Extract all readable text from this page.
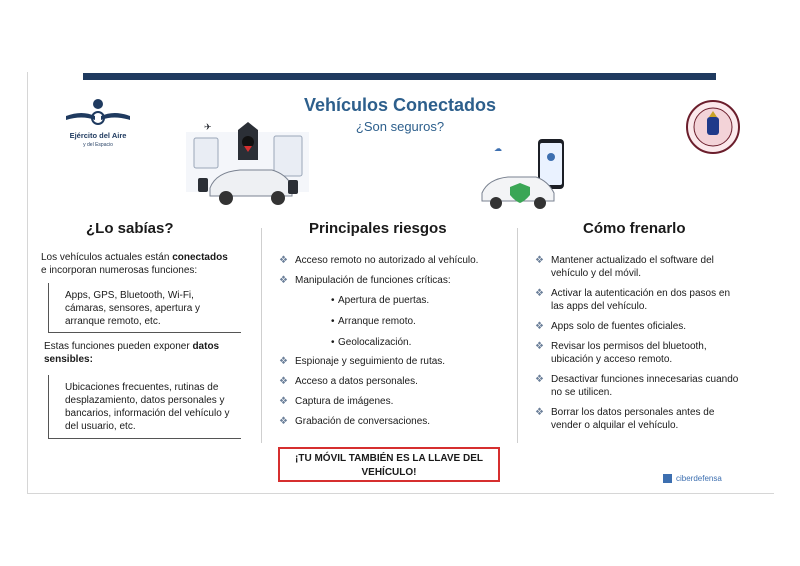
Ejército del Aire
y del Espacio
Vehículos Conectados
¿Son seguros?
✈
☁
¿Lo sabías?	Principales riesgos	Cómo frenarlo
Los vehículos actuales están conectados
e incorporan numerosas funciones:
Apps, GPS, Bluetooth, Wi-Fi, cámaras, sensores, apertura y arranque remoto, etc.
Estas funciones pueden exponer datos sensibles:
Ubicaciones frecuentes, rutinas de desplazamiento, datos personales y bancarios, información del vehículo y del usuario, etc.
❖ Acceso remoto no autorizado al vehículo.
❖ Manipulación de funciones críticas:
• Apertura de puertas.
• Arranque remoto.
• Geolocalización.
❖ Espionaje y seguimiento de rutas.
❖ Acceso a datos personales.
❖ Captura de imágenes.
❖ Grabación de conversaciones.
¡TU MÓVIL TAMBIÉN ES LA LLAVE DEL VEHÍCULO!
❖ Mantener actualizado el software del vehículo y del móvil.
❖ Activar la autenticación en dos pasos en las apps del vehículo.
❖ Apps solo de fuentes oficiales.
❖ Revisar los permisos del bluetooth, ubicación y acceso remoto.
❖ Desactivar funciones innecesarias cuando no se utilicen.
❖ Borrar los datos personales antes de vender o alquilar el vehículo.
ciberdefensa
